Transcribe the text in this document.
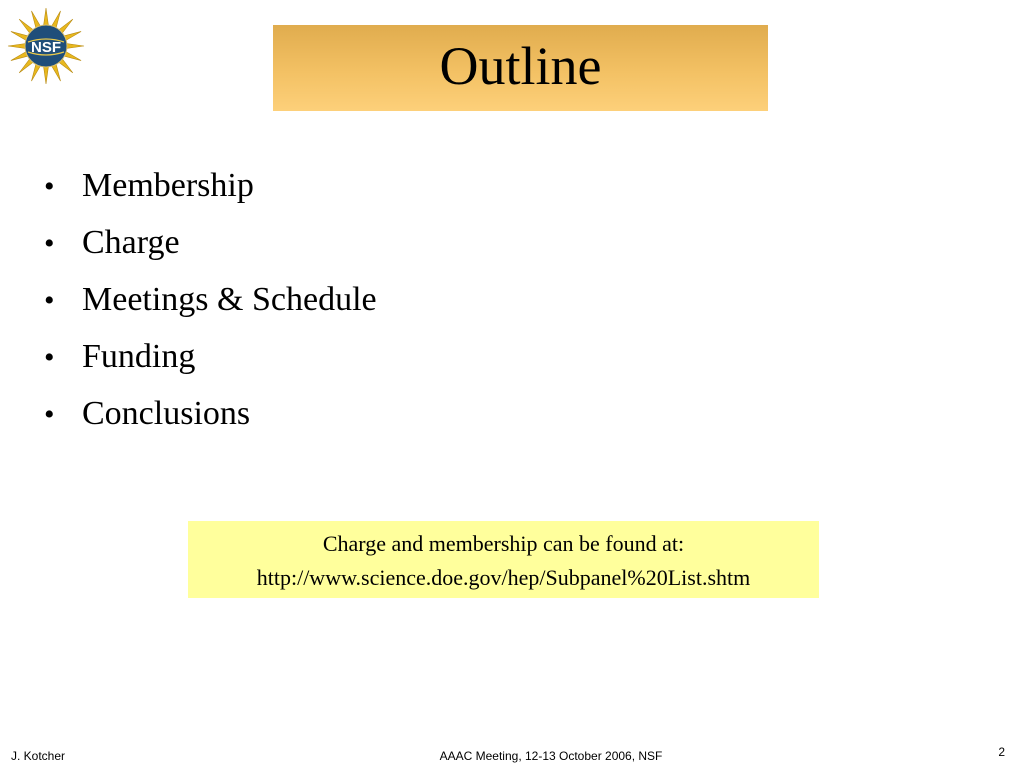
NSF	Outline
• Membership
• Charge
• Meetings & Schedule
• Funding
• Conclusions
Charge and membership can be found at:
http://www.science.doe.gov/hep/Subpanel%20List.shtm
J. Kotcher	AAAC Meeting, 12-13 October 2006, NSF	2
